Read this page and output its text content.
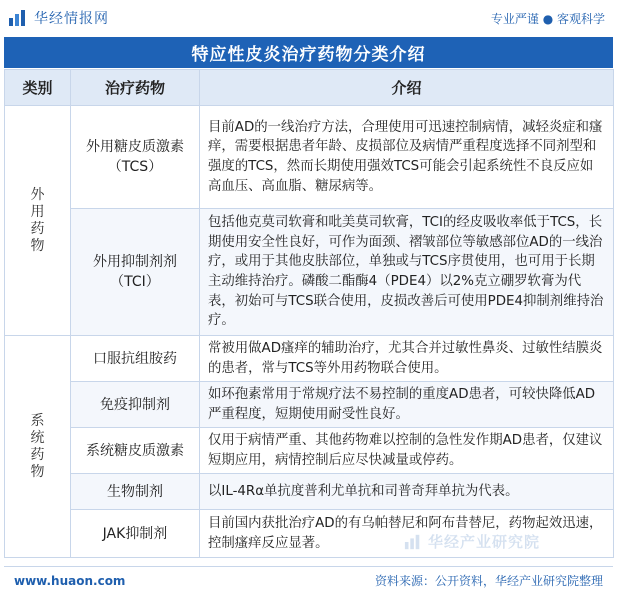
华经情报网	专业严谨 ● 客观科学
特应性皮炎治疗药物分类介绍
类别	治疗药物	介绍

外用药物	外用糖皮质激素（TCS）	目前AD的一线治疗方法，合理使用可迅速控制病情，减轻炎症和瘙痒，需要根据患者年龄、皮损部位及病情严重程度选择不同剂型和强度的TCS，然而长期使用强效TCS可能会引起系统性不良反应如高血压、高血脂、糖尿病等。
	外用抑制剂剂（TCI）	包括他克莫司软膏和吡美莫司软膏，TCI的经皮吸收率低于TCS，长期使用安全性良好，可作为面颈、褶皱部位等敏感部位AD的一线治疗，或用于其他皮肤部位，单独或与TCS序贯使用，也可用于长期主动维持治疗。磷酸二酯酶4（PDE4）以2%克立硼罗软膏为代表，初始可与TCS联合使用，皮损改善后可使用PDE4抑制剂维持治疗。

系统药物	口服抗组胺药	常被用做AD瘙痒的辅助治疗，尤其合并过敏性鼻炎、过敏性结膜炎的患者，常与TCS等外用药物联合使用。
	免疫抑制剂	如环孢素常用于常规疗法不易控制的重度AD患者，可较快降低AD严重程度，短期使用耐受性良好。
	系统糖皮质激素	仅用于病情严重、其他药物难以控制的急性发作期AD患者，仅建议短期应用，病情控制后应尽快减量或停药。
	生物制剂	以IL-4Rα单抗度普利尤单抗和司普奇拜单抗为代表。
	JAK抑制剂	目前国内获批治疗AD的有乌帕替尼和阿布昔替尼，药物起效迅速，控制瘙痒反应显著。	华经产业研究院
www.huaon.com	资料来源：公开资料，华经产业研究院整理
